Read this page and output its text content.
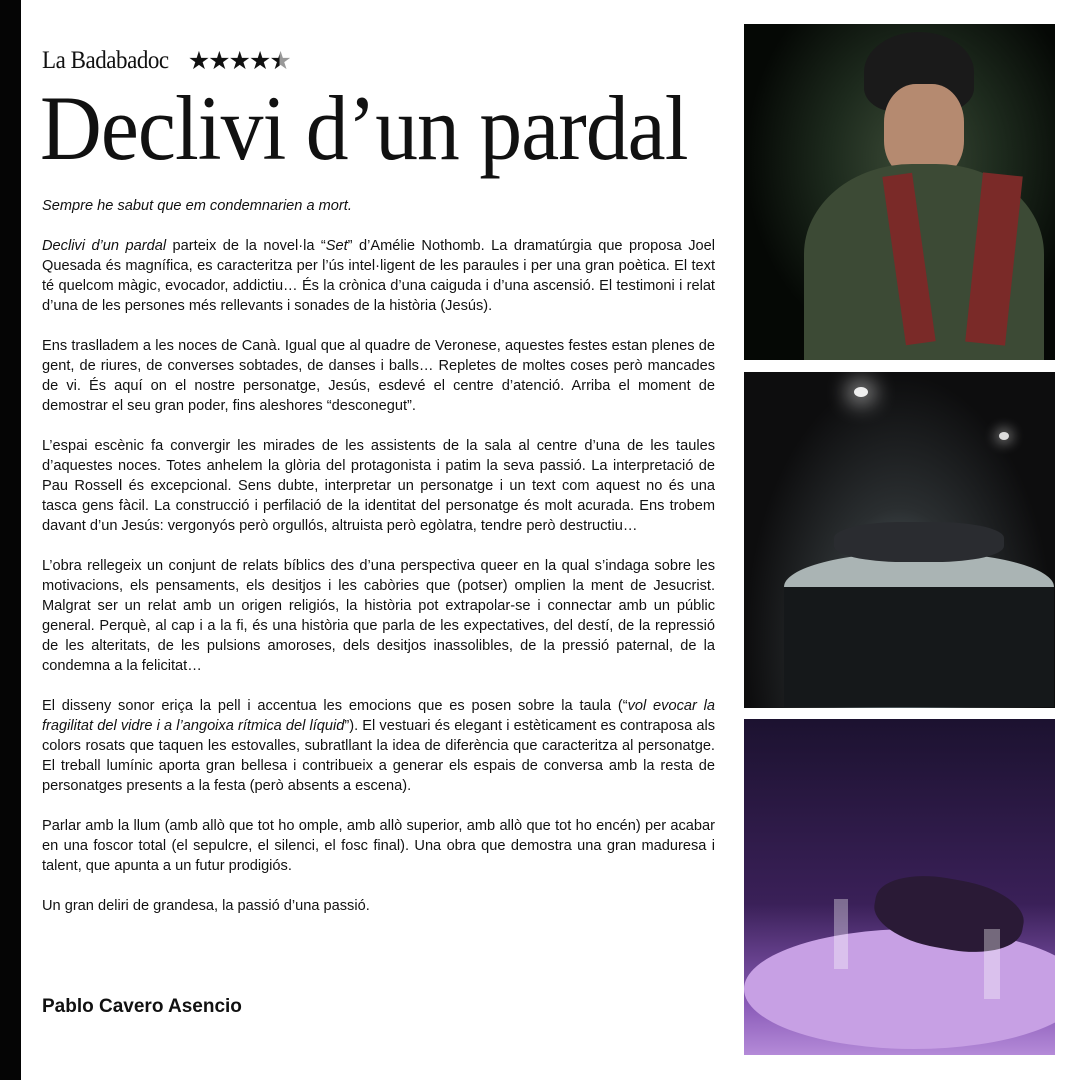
La Badabadoc ★★★★★
Declivi d’un pardal

Sempre he sabut que em condemnarien a mort.

Declivi d’un pardal parteix de la novel·la “Set” d’Amélie Nothomb. La dramatúrgia que proposa Joel Quesada és magnífica, es caracteritza per l’ús intel·ligent de les paraules i per una gran poètica. El text té quelcom màgic, evocador, addictiu… És la crònica d’una caiguda i d’una ascensió. El testimoni i relat d’una de les persones més rellevants i sonades de la història (Jesús).

Ens traslladem a les noces de Canà. Igual que al quadre de Veronese, aquestes festes estan plenes de gent, de riures, de converses sobtades, de danses i balls… Repletes de moltes coses però mancades de vi. És aquí on el nostre personatge, Jesús, esdevé el centre d’atenció. Arriba el moment de demostrar el seu gran poder, fins aleshores “desconegut”.

L’espai escènic fa convergir les mirades de les assistents de la sala al centre d’una de les taules d’aquestes noces. Totes anhelem la glòria del protagonista i patim la seva passió. La interpretació de Pau Rossell és excepcional. Sens dubte, interpretar un personatge i un text com aquest no és una tasca gens fàcil. La construcció i perfilació de la identitat del personatge és molt acurada. Ens trobem davant d’un Jesús: vergonyós però orgullós, altruista però egòlatra, tendre però destructiu…

L’obra rellegeix un conjunt de relats bíblics des d’una perspectiva queer en la qual s’indaga sobre les motivacions, els pensaments, els desitjos i les cabòries que (potser) omplien la ment de Jesucrist. Malgrat ser un relat amb un origen religiós, la història pot extrapolar-se i connectar amb un públic general. Perquè, al cap i a la fi, és una història que parla de les expectatives, del destí, de la repressió de les alteritats, de les pulsions amoroses, dels desitjos inassolibles, de la pressió paternal, de la condemna a la felicitat…

El disseny sonor eriça la pell i accentua les emocions que es posen sobre la taula (“vol evocar la fragilitat del vidre i a l’angoixa rítmica del líquid”). El vestuari és elegant i estèticament es contraposa als colors rosats que taquen les estovalles, subratllant la idea de diferència que caracteritza al personatge. El treball lumínic aporta gran bellesa i contribueix a generar els espais de conversa amb la resta de personatges presents a la festa (però absents a escena).

Parlar amb la llum (amb allò que tot ho omple, amb allò superior, amb allò que tot ho encén) per acabar en una foscor total (el sepulcre, el silenci, el fosc final). Una obra que demostra una gran maduresa i talent, que apunta a un futur prodigiós.

Un gran deliri de grandesa, la passió d’una passió.

Pablo Cavero Asencio
